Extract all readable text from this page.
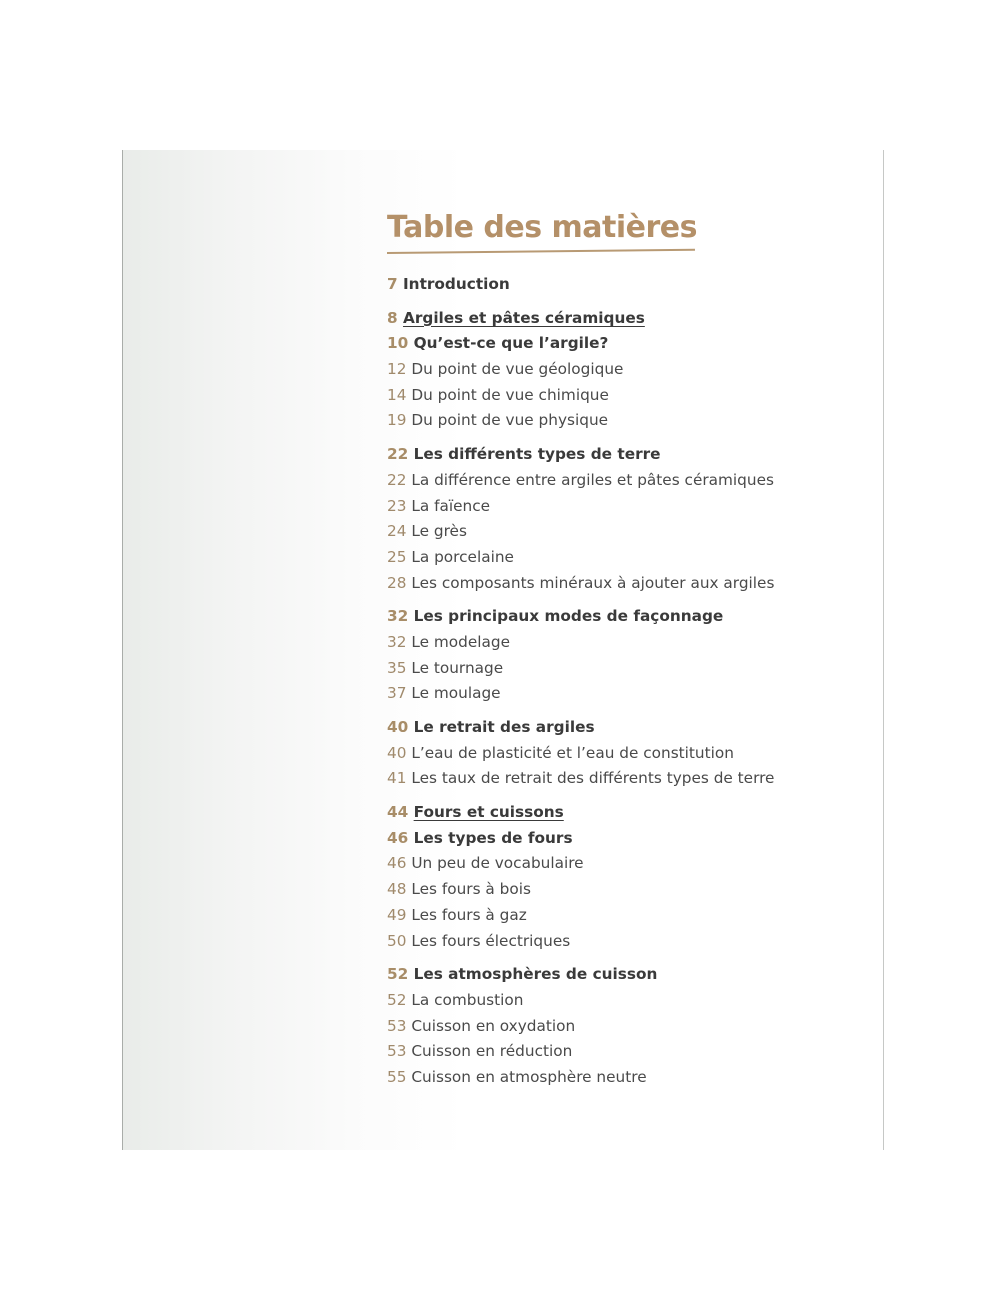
Table des matières
7 Introduction
8 Argiles et pâtes céramiques
10 Qu’est-ce que l’argile?
12 Du point de vue géologique
14 Du point de vue chimique
19 Du point de vue physique
22 Les différents types de terre
22 La différence entre argiles et pâtes céramiques
23 La faïence
24 Le grès
25 La porcelaine
28 Les composants minéraux à ajouter aux argiles
32 Les principaux modes de façonnage
32 Le modelage
35 Le tournage
37 Le moulage
40 Le retrait des argiles
40 L’eau de plasticité et l’eau de constitution
41 Les taux de retrait des différents types de terre
44 Fours et cuissons
46 Les types de fours
46 Un peu de vocabulaire
48 Les fours à bois
49 Les fours à gaz
50 Les fours électriques
52 Les atmosphères de cuisson
52 La combustion
53 Cuisson en oxydation
53 Cuisson en réduction
55 Cuisson en atmosphère neutre
